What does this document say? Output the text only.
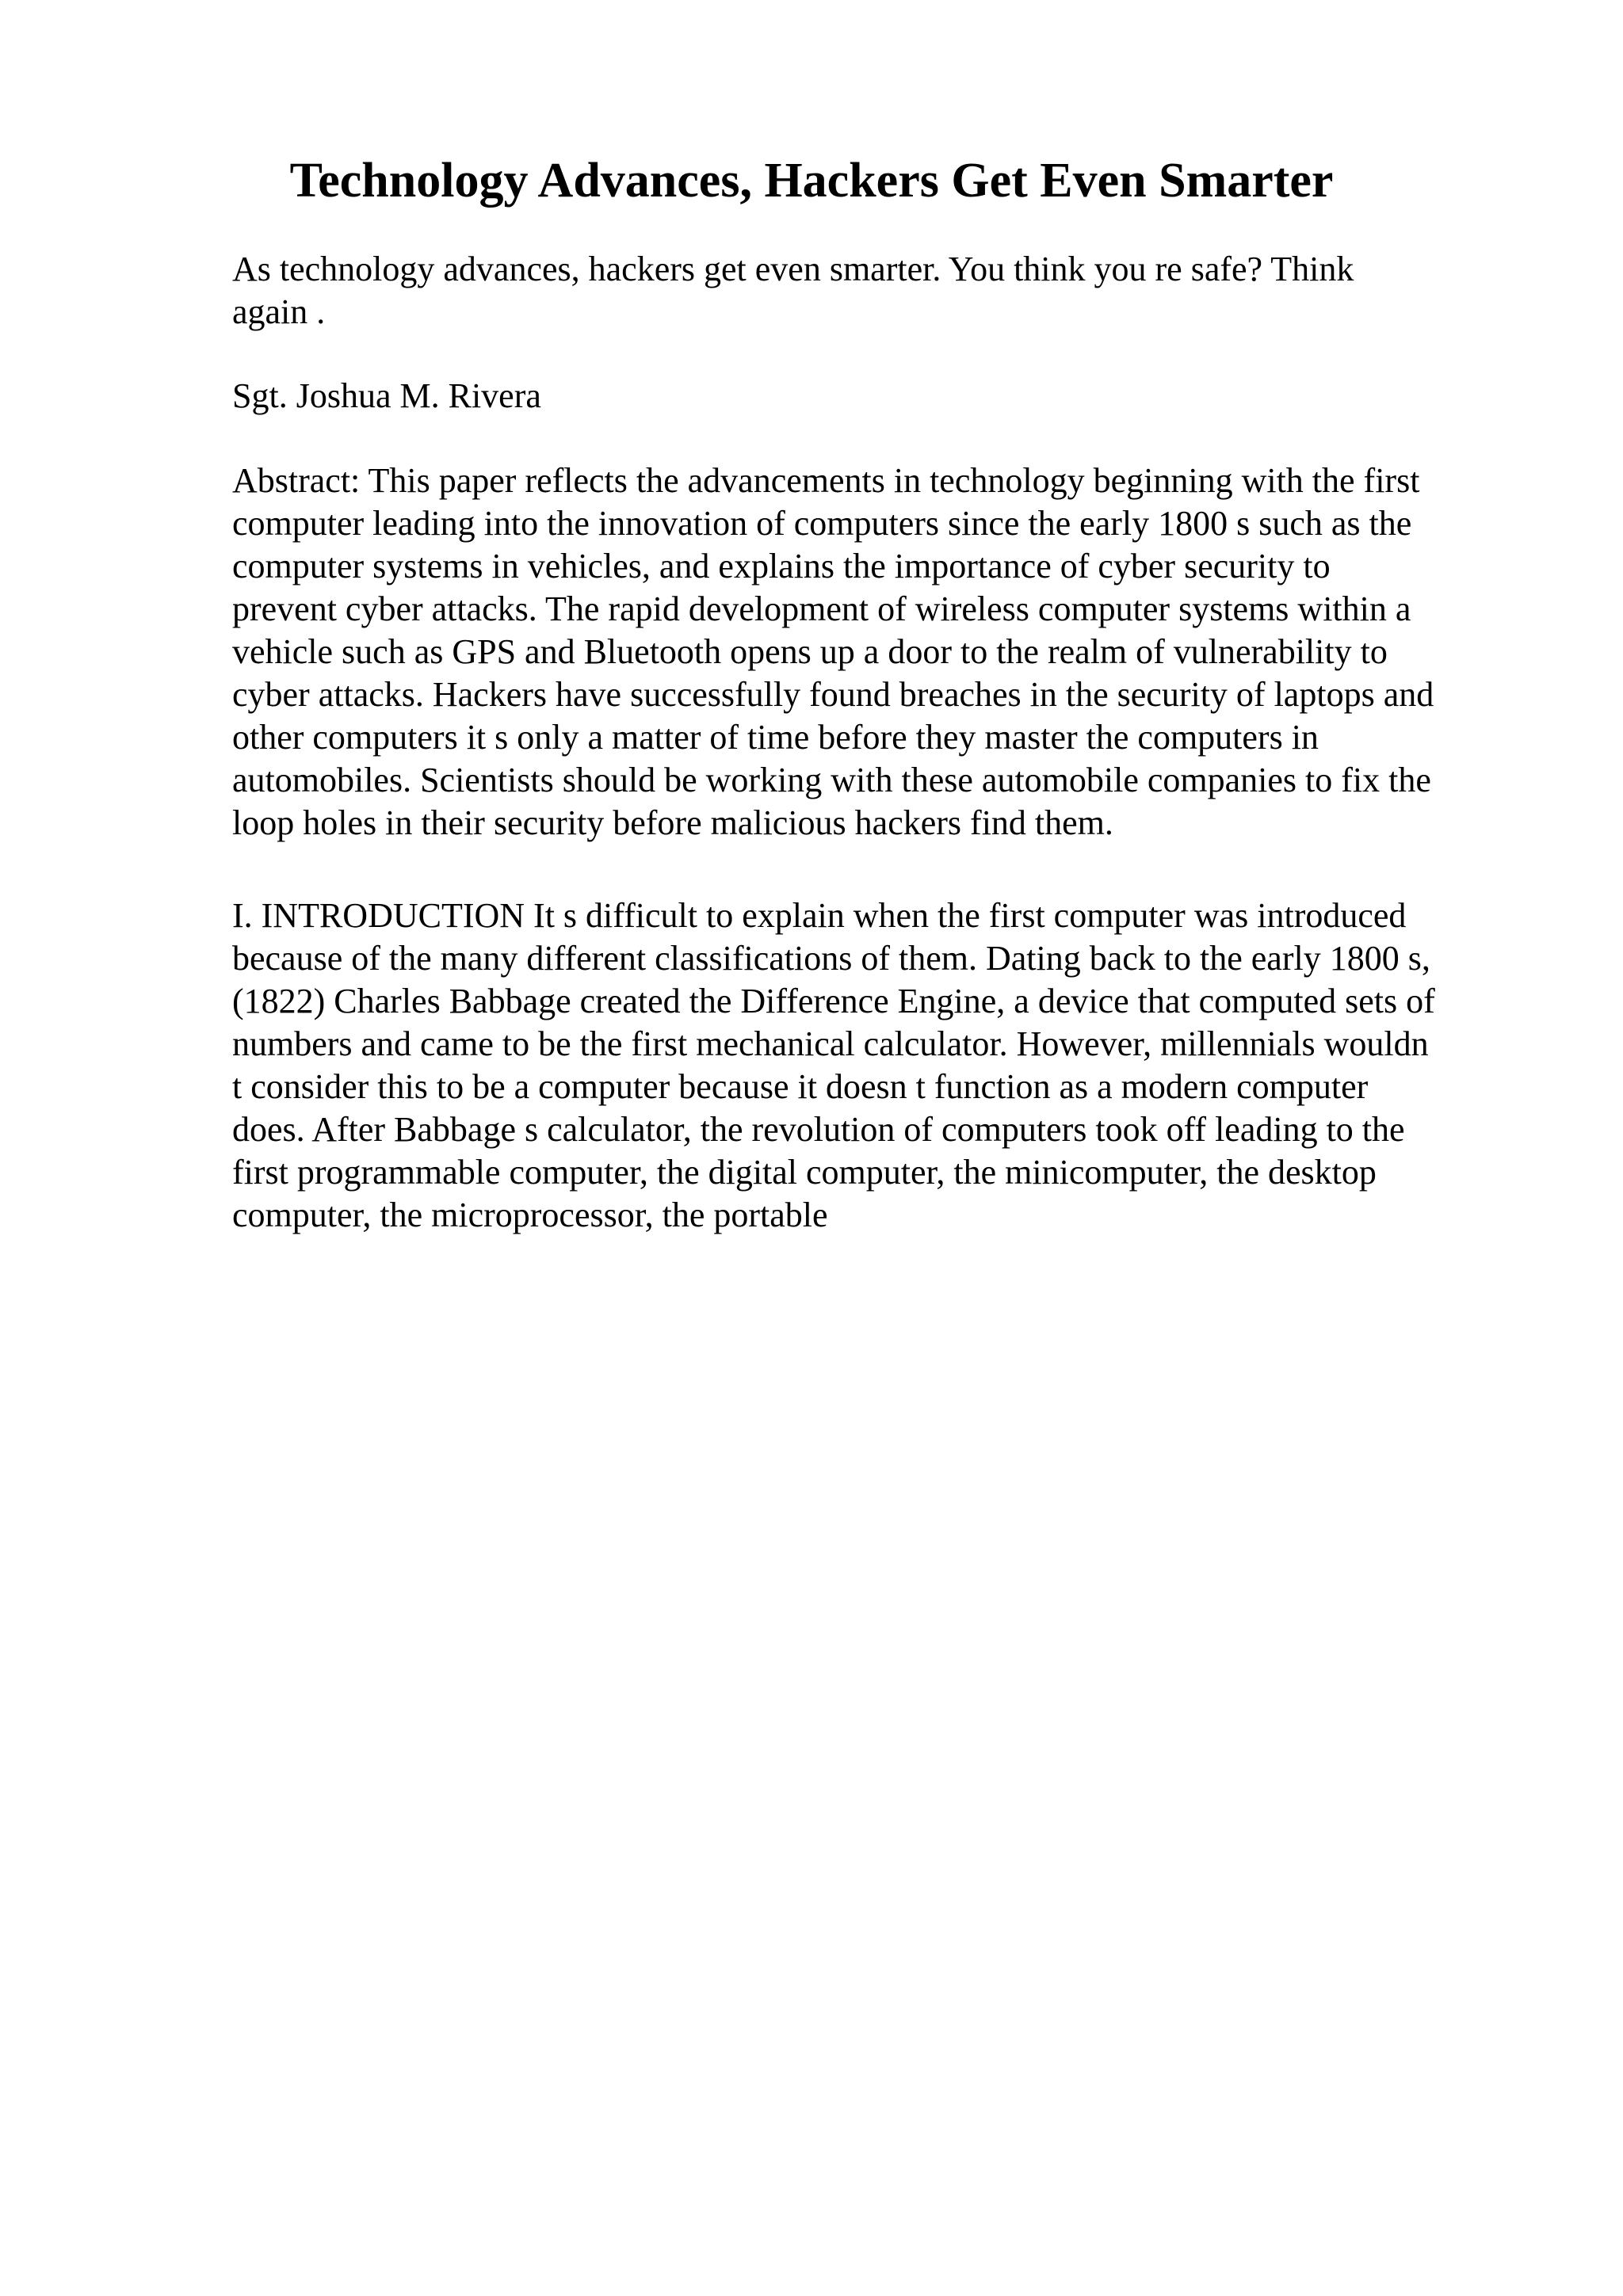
Technology Advances, Hackers Get Even Smarter
As technology advances, hackers get even smarter. You think you re safe? Think
again .
Sgt. Joshua M. Rivera
Abstract: This paper reflects the advancements in technology beginning with the first
computer leading into the innovation of computers since the early 1800 s such as the
computer systems in vehicles, and explains the importance of cyber security to
prevent cyber attacks. The rapid development of wireless computer systems within a
vehicle such as GPS and Bluetooth opens up a door to the realm of vulnerability to
cyber attacks. Hackers have successfully found breaches in the security of laptops and
other computers it s only a matter of time before they master the computers in
automobiles. Scientists should be working with these automobile companies to fix the
loop holes in their security before malicious hackers find them.
I. INTRODUCTION It s difficult to explain when the first computer was introduced
because of the many different classifications of them. Dating back to the early 1800 s,
(1822) Charles Babbage created the Difference Engine, a device that computed sets of
numbers and came to be the first mechanical calculator. However, millennials wouldn
t consider this to be a computer because it doesn t function as a modern computer
does. After Babbage s calculator, the revolution of computers took off leading to the
first programmable computer, the digital computer, the minicomputer, the desktop
computer, the microprocessor, the portable
